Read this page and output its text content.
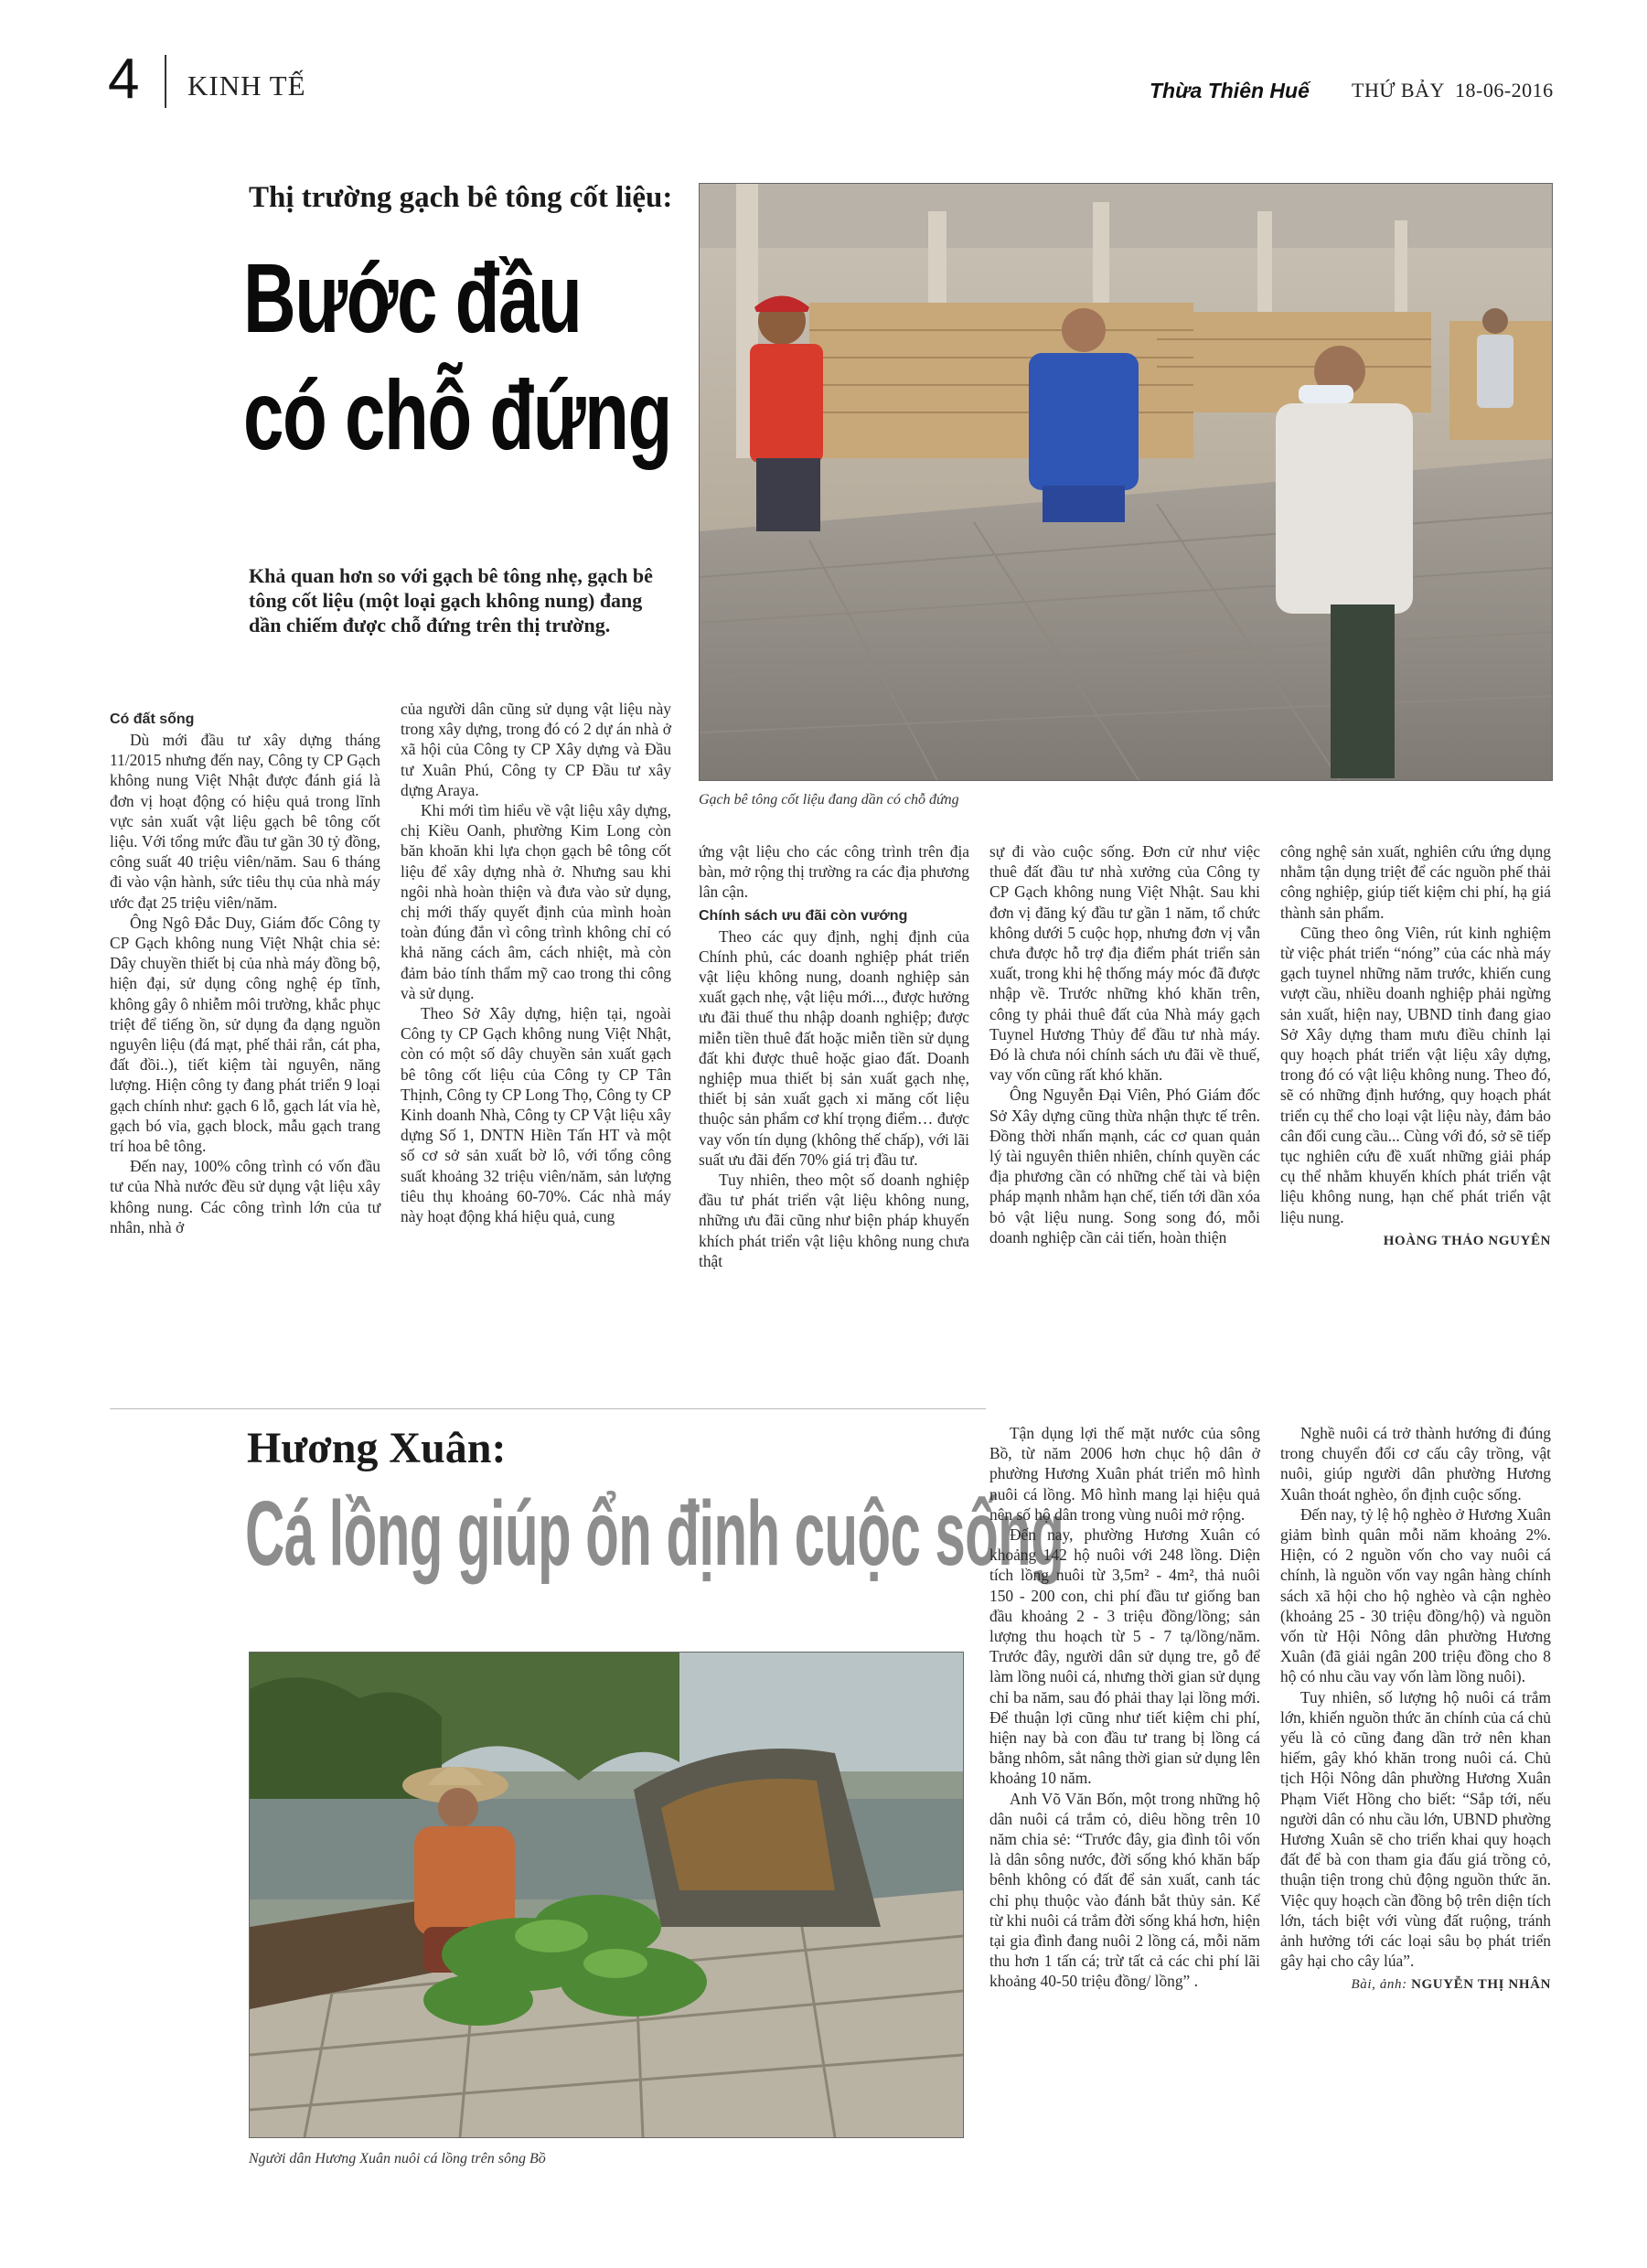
4 KINH TẾ	Thừa Thiên Huế THỨ BẢY  18-06-2016
Thị trường gạch bê tông cốt liệu:
Bước đầu
có chỗ đứng
Khả quan hơn so với gạch bê tông nhẹ, gạch bê tông cốt liệu (một loại gạch không nung) đang dần chiếm được chỗ đứng trên thị trường.
Gạch bê tông cốt liệu đang dần có chỗ đứng

Có đất sống

Dù mới đầu tư xây dựng tháng 11/2015 nhưng đến nay, Công ty CP Gạch không nung Việt Nhật được đánh giá là đơn vị hoạt động có hiệu quả trong lĩnh vực sản xuất vật liệu gạch bê tông cốt liệu. Với tổng mức đầu tư gần 30 tỷ đồng, công suất 40 triệu viên/năm. Sau 6 tháng đi vào vận hành, sức tiêu thụ của nhà máy ước đạt 25 triệu viên/năm.

Ông Ngô Đắc Duy, Giám đốc Công ty CP Gạch không nung Việt Nhật chia sẻ: Dây chuyền thiết bị của nhà máy đồng bộ, hiện đại, sử dụng công nghệ ép tĩnh, không gây ô nhiễm môi trường, khắc phục triệt để tiếng ồn, sử dụng đa dạng nguồn nguyên liệu (đá mạt, phế thải rắn, cát pha, đất đồi..), tiết kiệm tài nguyên, năng lượng. Hiện công ty đang phát triển 9 loại gạch chính như: gạch 6 lỗ, gạch lát vỉa hè, gạch bó vỉa, gạch block, mẫu gạch trang trí hoa bê tông.

Đến nay, 100% công trình có vốn đầu tư của Nhà nước đều sử dụng vật liệu xây không nung. Các công trình lớn của tư nhân, nhà ở

của người dân cũng sử dụng vật liệu này trong xây dựng, trong đó có 2 dự án nhà ở xã hội của Công ty CP Xây dựng và Đầu tư Xuân Phú, Công ty CP Đầu tư xây dựng Araya.

Khi mới tìm hiểu về vật liệu xây dựng, chị Kiều Oanh, phường Kim Long còn băn khoăn khi lựa chọn gạch bê tông cốt liệu để xây dựng nhà ở. Nhưng sau khi ngôi nhà hoàn thiện và đưa vào sử dụng, chị mới thấy quyết định của mình hoàn toàn đúng đắn vì công trình không chỉ có khả năng cách âm, cách nhiệt, mà còn đảm bảo tính thẩm mỹ cao trong thi công và sử dụng.

Theo Sở Xây dựng, hiện tại, ngoài Công ty CP Gạch không nung Việt Nhật, còn có một số dây chuyền sản xuất gạch bê tông cốt liệu của Công ty CP Tân Thịnh, Công ty CP Long Thọ, Công ty CP Kinh doanh Nhà, Công ty CP Vật liệu xây dựng Số 1, DNTN Hiền Tấn HT và một số cơ sở sản xuất bờ lô, với tổng công suất khoảng 32 triệu viên/năm, sản lượng tiêu thụ khoảng 60-70%. Các nhà máy này hoạt động khá hiệu quả, cung

ứng vật liệu cho các công trình trên địa bàn, mở rộng thị trường ra các địa phương lân cận.

Chính sách ưu đãi còn vướng

Theo các quy định, nghị định của Chính phủ, các doanh nghiệp phát triển vật liệu không nung, doanh nghiệp sản xuất gạch nhẹ, vật liệu mới..., được hưởng ưu đãi thuế thu nhập doanh nghiệp; được miễn tiền thuê đất hoặc miễn tiền sử dụng đất khi được thuê hoặc giao đất. Doanh nghiệp mua thiết bị sản xuất gạch nhẹ, thiết bị sản xuất gạch xi măng cốt liệu thuộc sản phẩm cơ khí trọng điểm… được vay vốn tín dụng (không thế chấp), với lãi suất ưu đãi đến 70% giá trị đầu tư.

Tuy nhiên, theo một số doanh nghiệp đầu tư phát triển vật liệu không nung, những ưu đãi cũng như biện pháp khuyến khích phát triển vật liệu không nung chưa thật

sự đi vào cuộc sống. Đơn cử như việc thuê đất đầu tư nhà xưởng của Công ty CP Gạch không nung Việt Nhật. Sau khi đơn vị đăng ký đầu tư gần 1 năm, tổ chức không dưới 5 cuộc họp, nhưng đơn vị vẫn chưa được hỗ trợ địa điểm phát triển sản xuất, trong khi hệ thống máy móc đã được nhập về. Trước những khó khăn trên, công ty phải thuê đất của Nhà máy gạch Tuynel Hương Thủy để đầu tư nhà máy. Đó là chưa nói chính sách ưu đãi về thuế, vay vốn cũng rất khó khăn.

Ông Nguyễn Đại Viên, Phó Giám đốc Sở Xây dựng cũng thừa nhận thực tế trên. Đồng thời nhấn mạnh, các cơ quan quản lý tài nguyên thiên nhiên, chính quyền các địa phương cần có những chế tài và biện pháp mạnh nhằm hạn chế, tiến tới dần xóa bỏ vật liệu nung. Song song đó, mỗi doanh nghiệp cần cải tiến, hoàn thiện

công nghệ sản xuất, nghiên cứu ứng dụng nhằm tận dụng triệt để các nguồn phế thải công nghiệp, giúp tiết kiệm chi phí, hạ giá thành sản phẩm.

Cũng theo ông Viên, rút kinh nghiệm từ việc phát triển “nóng” của các nhà máy gạch tuynel những năm trước, khiến cung vượt cầu, nhiều doanh nghiệp phải ngừng sản xuất, hiện nay, UBND tỉnh đang giao Sở Xây dựng tham mưu điều chỉnh lại quy hoạch phát triển vật liệu xây dựng, trong đó có vật liệu không nung. Theo đó, sẽ có những định hướng, quy hoạch phát triển cụ thể cho loại vật liệu này, đảm bảo cân đối cung cầu... Cùng với đó, sở sẽ tiếp tục nghiên cứu đề xuất những giải pháp cụ thể nhằm khuyến khích phát triển vật liệu không nung, hạn chế phát triển vật liệu nung.

HOÀNG THẢO NGUYÊN

Hương Xuân:
Cá lồng giúp ổn định cuộc sống
Người dân Hương Xuân nuôi cá lồng trên sông Bồ

Tận dụng lợi thế mặt nước của sông Bồ, từ năm 2006 hơn chục hộ dân ở phường Hương Xuân phát triển mô hình nuôi cá lồng. Mô hình mang lại hiệu quả nên số hộ dân trong vùng nuôi mở rộng.

Đến nay, phường Hương Xuân có khoảng 142 hộ nuôi với 248 lồng. Diện tích lồng nuôi từ 3,5m² - 4m², thả nuôi 150 - 200 con, chi phí đầu tư giống ban đầu khoảng 2 - 3 triệu đồng/lồng; sản lượng thu hoạch từ 5 - 7 tạ/lồng/năm. Trước đây, người dân sử dụng tre, gỗ để làm lồng nuôi cá, nhưng thời gian sử dụng chỉ ba năm, sau đó phải thay lại lồng mới. Để thuận lợi cũng như tiết kiệm chi phí, hiện nay bà con đầu tư trang bị lồng cá bằng nhôm, sắt nâng thời gian sử dụng lên khoảng 10 năm.

Anh Võ Văn Bốn, một trong những hộ dân nuôi cá trắm cỏ, diêu hồng trên 10 năm chia sẻ: “Trước đây, gia đình tôi vốn là dân sông nước, đời sống khó khăn bấp bênh không có đất để sản xuất, canh tác chỉ phụ thuộc vào đánh bắt thủy sản. Kể từ khi nuôi cá trắm đời sống khá hơn, hiện tại gia đình đang nuôi 2 lồng cá, mỗi năm thu hơn 1 tấn cá; trừ tất cả các chi phí lãi khoảng 40-50 triệu đồng/ lồng” .

Nghề nuôi cá trở thành hướng đi đúng trong chuyển đổi cơ cấu cây trồng, vật nuôi, giúp người dân phường Hương Xuân thoát nghèo, ổn định cuộc sống.

Đến nay, tỷ lệ hộ nghèo ở Hương Xuân giảm bình quân mỗi năm khoảng 2%. Hiện, có 2 nguồn vốn cho vay nuôi cá chính, là nguồn vốn vay ngân hàng chính sách xã hội cho hộ nghèo và cận nghèo (khoảng 25 - 30 triệu đồng/hộ) và nguồn vốn từ Hội Nông dân phường Hương Xuân (đã giải ngân 200 triệu đồng cho 8 hộ có nhu cầu vay vốn làm lồng nuôi).

Tuy nhiên, số lượng hộ nuôi cá trắm lớn, khiến nguồn thức ăn chính của cá chủ yếu là cỏ cũng đang dần trở nên khan hiếm, gây khó khăn trong nuôi cá. Chủ tịch Hội Nông dân phường Hương Xuân Phạm Viết Hồng cho biết: “Sắp tới, nếu người dân có nhu cầu lớn, UBND phường Hương Xuân sẽ cho triển khai quy hoạch đất để bà con tham gia đấu giá trồng cỏ, thuận tiện trong chủ động nguồn thức ăn. Việc quy hoạch cần đồng bộ trên diện tích lớn, tách biệt với vùng đất ruộng, tránh ảnh hưởng tới các loại sâu bọ phát triển gây hại cho cây lúa”.

Bài, ảnh: NGUYỄN THỊ NHÂN
